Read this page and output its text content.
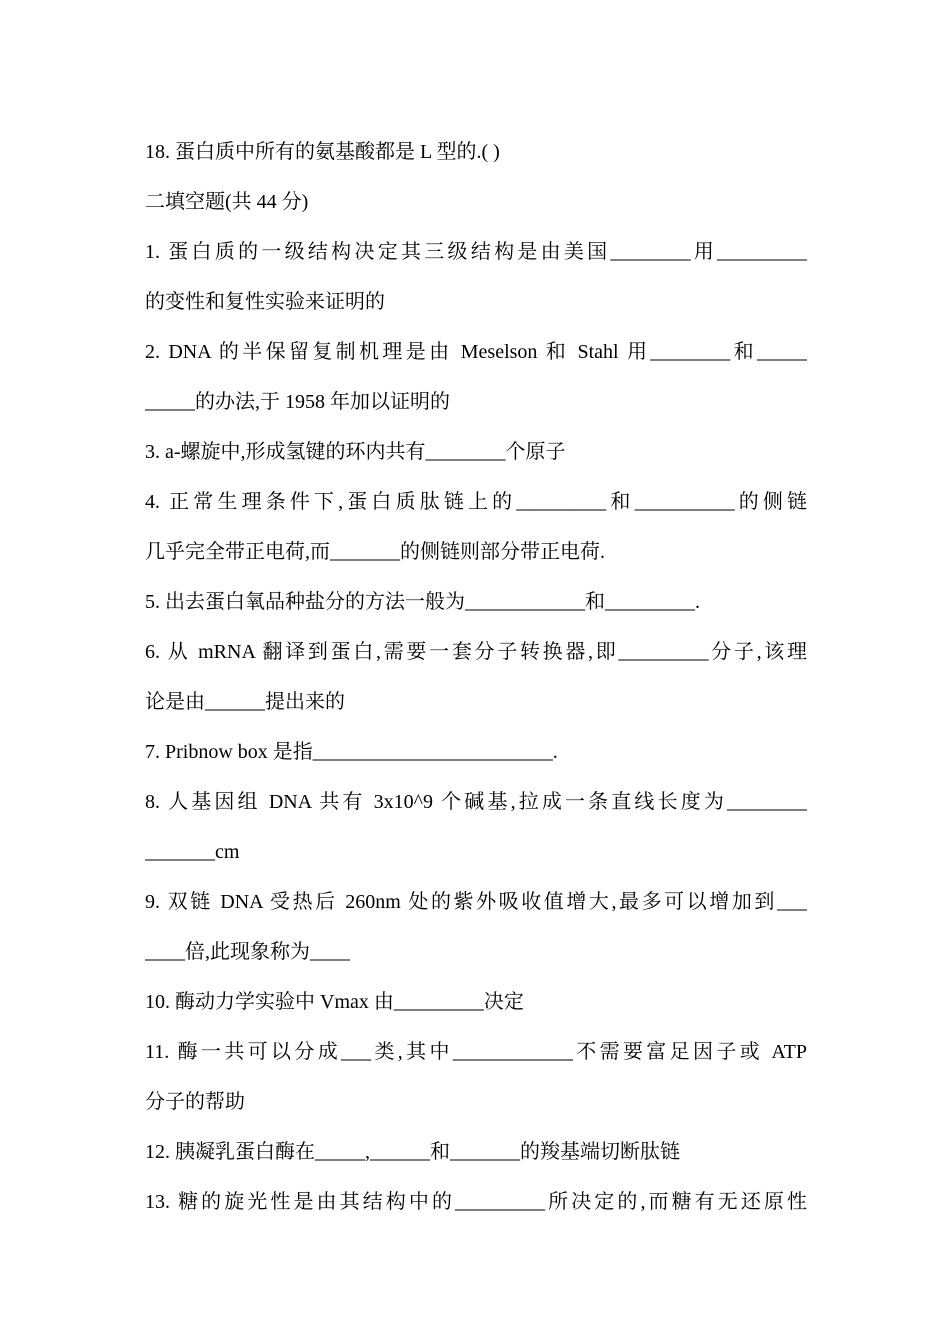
18. 蛋白质中所有的氨基酸都是 L 型的.( )
二填空题(共 44 分)
1. 蛋白质的一级结构决定其三级结构是由美国________用_________
的变性和复性实验来证明的
2. DNA 的半保留复制机理是由 Meselson 和 Stahl 用________和_____
_____的办法,于 1958 年加以证明的
3. a-螺旋中,形成氢键的环内共有________个原子
4. 正常生理条件下,蛋白质肽链上的_________和__________的侧链
几乎完全带正电荷,而_______的侧链则部分带正电荷.
5. 出去蛋白氧品种盐分的方法一般为____________和_________.
6. 从 mRNA 翻译到蛋白,需要一套分子转换器,即_________分子,该理
论是由______提出来的
7. Pribnow box 是指________________________.
8. 人基因组 DNA 共有 3x10^9 个碱基,拉成一条直线长度为________
_______cm
9. 双链 DNA 受热后 260nm 处的紫外吸收值增大,最多可以增加到___
____倍,此现象称为____
10. 酶动力学实验中 Vmax 由_________决定
11. 酶一共可以分成___类,其中____________不需要富足因子或 ATP
分子的帮助
12. 胰凝乳蛋白酶在_____,______和_______的羧基端切断肽链
13. 糖的旋光性是由其结构中的_________所决定的,而糖有无还原性
